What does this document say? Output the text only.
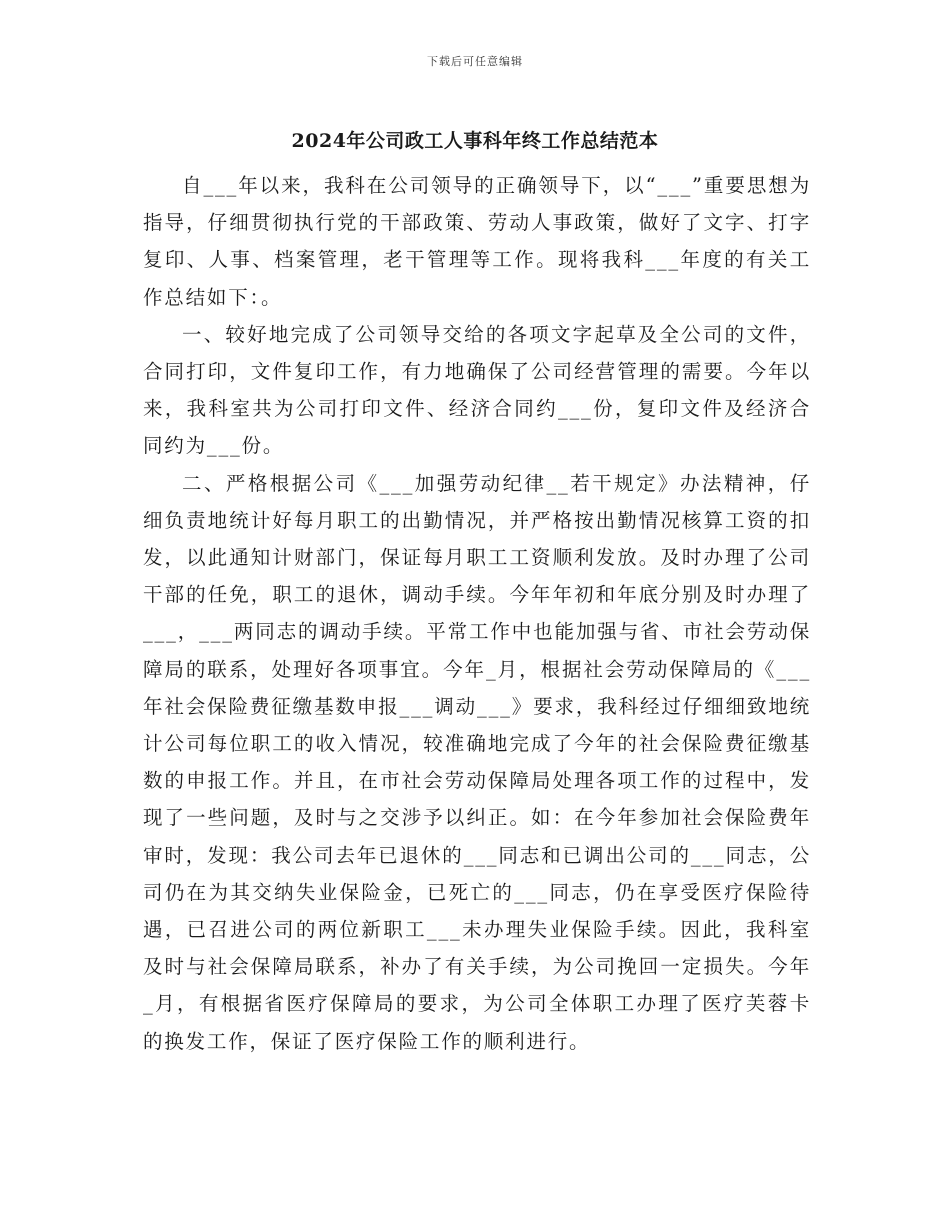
下载后可任意编辑
2024年公司政工人事科年终工作总结范本

自___年以来，我科在公司领导的正确领导下，以“___”重要思想为指导，仔细贯彻执行党的干部政策、劳动人事政策，做好了文字、打字复印、人事、档案管理，老干管理等工作。现将我科___年度的有关工作总结如下：。

一、较好地完成了公司领导交给的各项文字起草及全公司的文件，合同打印，文件复印工作，有力地确保了公司经营管理的需要。今年以来，我科室共为公司打印文件、经济合同约___份，复印文件及经济合同约为___份。

二、严格根据公司《___加强劳动纪律__若干规定》办法精神，仔细负责地统计好每月职工的出勤情况，并严格按出勤情况核算工资的扣发，以此通知计财部门，保证每月职工工资顺利发放。及时办理了公司干部的任免，职工的退休，调动手续。今年年初和年底分别及时办理了___，___两同志的调动手续。平常工作中也能加强与省、市社会劳动保障局的联系，处理好各项事宜。今年_月，根据社会劳动保障局的《___年社会保险费征缴基数申报___调动___》要求，我科经过仔细细致地统计公司每位职工的收入情况，较准确地完成了今年的社会保险费征缴基数的申报工作。并且，在市社会劳动保障局处理各项工作的过程中，发现了一些问题，及时与之交涉予以纠正。如：在今年参加社会保险费年审时，发现：我公司去年已退休的___同志和已调出公司的___同志，公司仍在为其交纳失业保险金，已死亡的___同志，仍在享受医疗保险待遇，已召进公司的两位新职工___未办理失业保险手续。因此，我科室及时与社会保障局联系，补办了有关手续，为公司挽回一定损失。今年_月，有根据省医疗保障局的要求，为公司全体职工办理了医疗芙蓉卡的换发工作，保证了医疗保险工作的顺利进行。
